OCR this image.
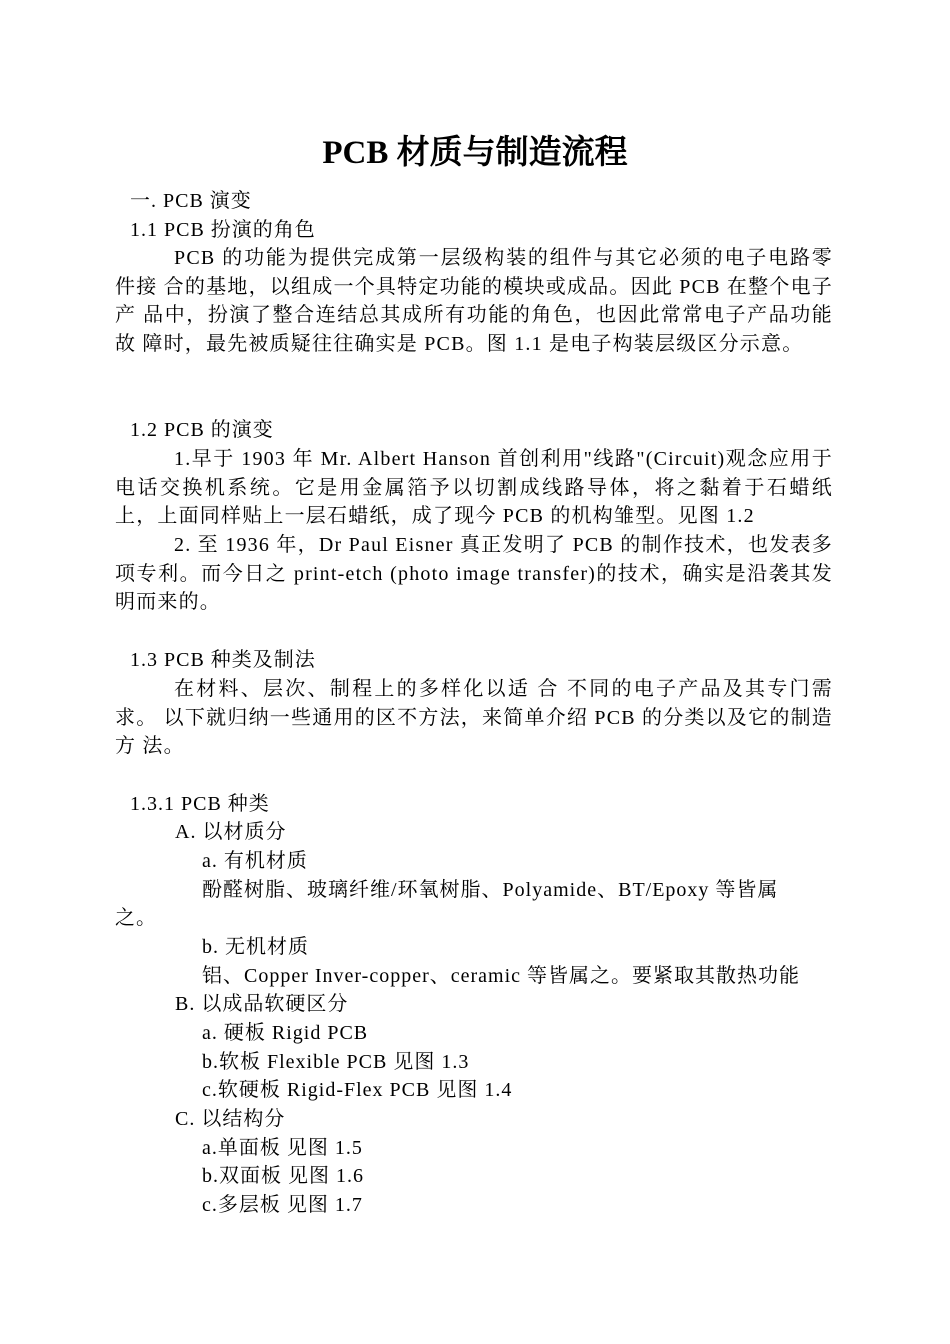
PCB 材质与制造流程
一. PCB 演变
1.1 PCB 扮演的角色
PCB 的功能为提供完成第一层级构装的组件与其它必须的电子电路零件接 合的基地，以组成一个具特定功能的模块或成品。因此 PCB 在整个电子产 品中，扮演了整合连结总其成所有功能的角色，也因此常常电子产品功能故 障时，最先被质疑往往确实是 PCB。图 1.1 是电子构装层级区分示意。
1.2 PCB 的演变
1.早于 1903 年 Mr. Albert Hanson 首创利用"线路"(Circuit)观念应用于电话交换机系统。它是用金属箔予以切割成线路导体，将之黏着于石蜡纸上，上面同样贴上一层石蜡纸，成了现今 PCB 的机构雏型。见图 1.2
2. 至 1936 年，Dr Paul Eisner 真正发明了 PCB 的制作技术，也发表多项专利。而今日之 print-etch (photo image transfer)的技术，确实是沿袭其发明而来的。
1.3 PCB 种类及制法
在材料、层次、制程上的多样化以适 合 不同的电子产品及其专门需求。 以下就归纳一些通用的区不方法，来简单介绍 PCB 的分类以及它的制造方 法。
1.3.1 PCB 种类
A. 以材质分
a. 有机材质
酚醛树脂、玻璃纤维/环氧树脂、Polyamide、BT/Epoxy 等皆属
之。
b. 无机材质
铝、Copper Inver-copper、ceramic 等皆属之。要紧取其散热功能
B. 以成品软硬区分
a. 硬板 Rigid PCB
b.软板 Flexible PCB 见图 1.3
c.软硬板 Rigid-Flex PCB 见图 1.4
C. 以结构分
a.单面板 见图 1.5
b.双面板 见图 1.6
c.多层板 见图 1.7
